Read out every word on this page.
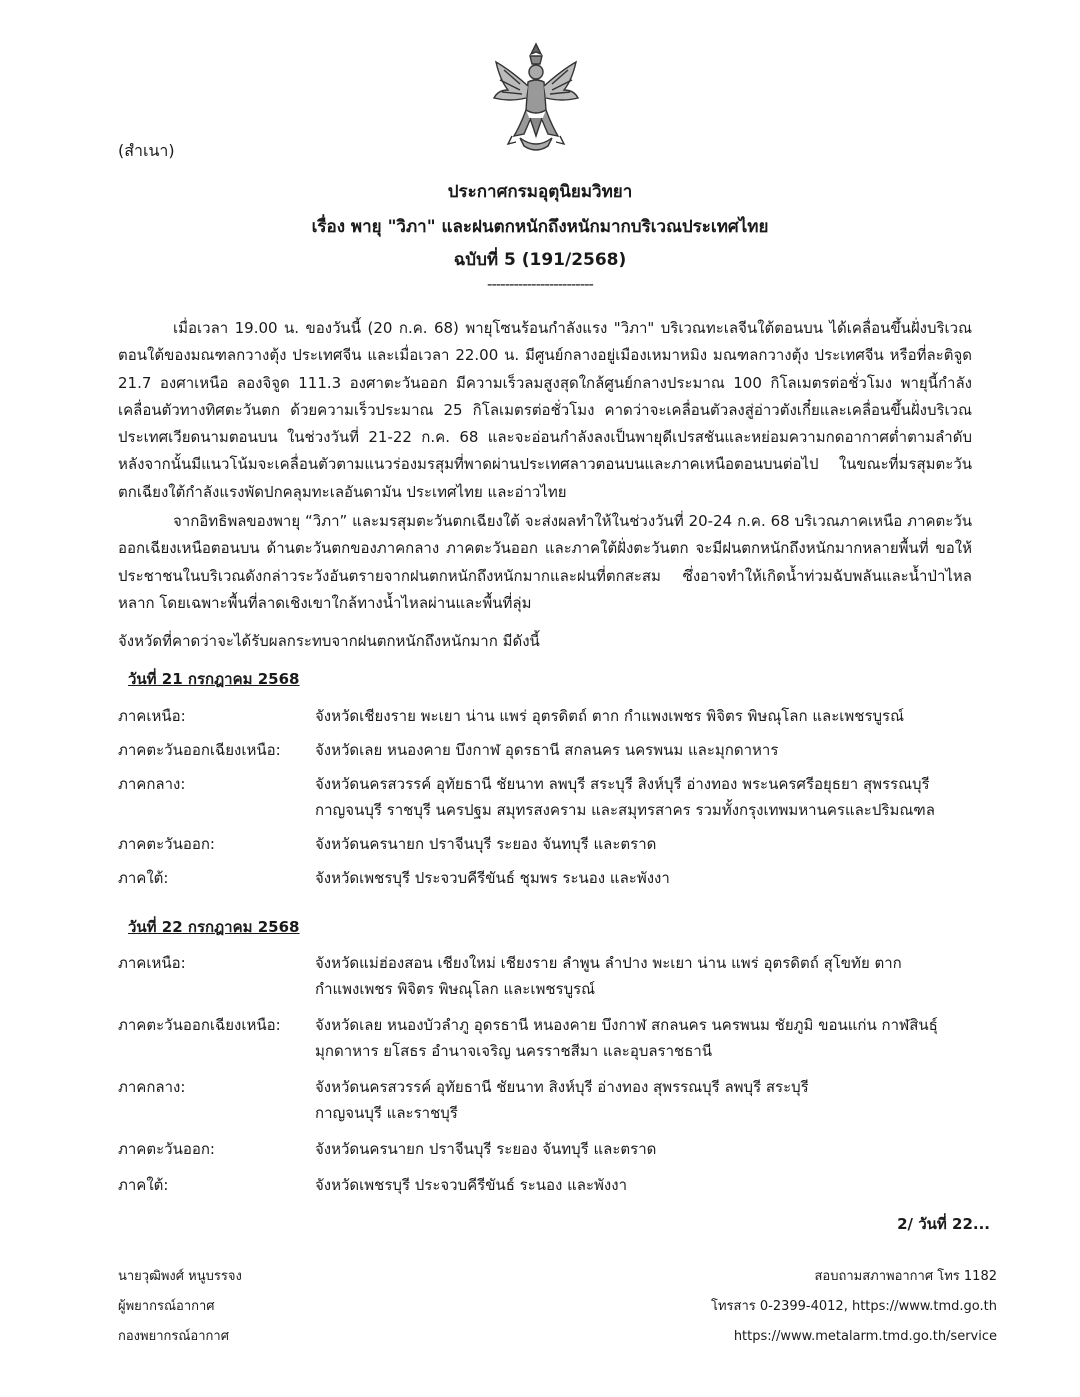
(สำเนา)
ประกาศกรมอุตุนิยมวิทยา
เรื่อง พายุ "วิภา" และฝนตกหนักถึงหนักมากบริเวณประเทศไทย
ฉบับที่ 5 (191/2568)
------------------------

เมื่อเวลา 19.00 น. ของวันนี้ (20 ก.ค. 68) พายุโซนร้อนกำลังแรง "วิภา" บริเวณทะเลจีนใต้ตอนบน ได้เคลื่อนขึ้นฝั่งบริเวณตอนใต้ของมณฑลกวางตุ้ง ประเทศจีน และเมื่อเวลา 22.00 น. มีศูนย์กลางอยู่เมืองเหมาหมิง มณฑลกวางตุ้ง ประเทศจีน หรือที่ละติจูด 21.7 องศาเหนือ ลองจิจูด 111.3 องศาตะวันออก มีความเร็วลมสูงสุดใกล้ศูนย์กลางประมาณ 100 กิโลเมตรต่อชั่วโมง พายุนี้กำลังเคลื่อนตัวทางทิศตะวันตก ด้วยความเร็วประมาณ 25 กิโลเมตรต่อชั่วโมง คาดว่าจะเคลื่อนตัวลงสู่อ่าวตังเกี๋ยและเคลื่อนขึ้นฝั่งบริเวณประเทศเวียดนามตอนบน ในช่วงวันที่ 21-22 ก.ค. 68 และจะอ่อนกำลังลงเป็นพายุดีเปรสชันและหย่อมความกดอากาศต่ำตามลำดับ หลังจากนั้นมีแนวโน้มจะเคลื่อนตัวตามแนวร่องมรสุมที่พาดผ่านประเทศลาวตอนบนและภาคเหนือตอนบนต่อไป ในขณะที่มรสุมตะวันตกเฉียงใต้กำลังแรงพัดปกคลุมทะเลอันดามัน ประเทศไทย และอ่าวไทย

จากอิทธิพลของพายุ “วิภา” และมรสุมตะวันตกเฉียงใต้ จะส่งผลทำให้ในช่วงวันที่ 20-24 ก.ค. 68 บริเวณภาคเหนือ ภาคตะวันออกเฉียงเหนือตอนบน ด้านตะวันตกของภาคกลาง ภาคตะวันออก และภาคใต้ฝั่งตะวันตก จะมีฝนตกหนักถึงหนักมากหลายพื้นที่ ขอให้ประชาชนในบริเวณดังกล่าวระวังอันตรายจากฝนตกหนักถึงหนักมากและฝนที่ตกสะสม ซึ่งอาจทำให้เกิดน้ำท่วมฉับพลันและน้ำป่าไหลหลาก โดยเฉพาะพื้นที่ลาดเชิงเขาใกล้ทางน้ำไหลผ่านและพื้นที่ลุ่ม

จังหวัดที่คาดว่าจะได้รับผลกระทบจากฝนตกหนักถึงหนักมาก มีดังนี้

วันที่ 21 กรกฎาคม 2568
ภาคเหนือ:	จังหวัดเชียงราย พะเยา น่าน แพร่ อุตรดิตถ์ ตาก กำแพงเพชร พิจิตร พิษณุโลก และเพชรบูรณ์
ภาคตะวันออกเฉียงเหนือ:	จังหวัดเลย หนองคาย บึงกาฬ อุดรธานี สกลนคร นครพนม และมุกดาหาร
ภาคกลาง:	จังหวัดนครสวรรค์ อุทัยธานี ชัยนาท ลพบุรี สระบุรี สิงห์บุรี อ่างทอง พระนครศรีอยุธยา สุพรรณบุรี
กาญจนบุรี ราชบุรี นครปฐม สมุทรสงคราม และสมุทรสาคร รวมทั้งกรุงเทพมหานครและปริมณฑล
ภาคตะวันออก:	จังหวัดนครนายก ปราจีนบุรี ระยอง จันทบุรี และตราด
ภาคใต้:	จังหวัดเพชรบุรี ประจวบคีรีขันธ์ ชุมพร ระนอง และพังงา
วันที่ 22 กรกฎาคม 2568
ภาคเหนือ:	จังหวัดแม่ฮ่องสอน เชียงใหม่ เชียงราย ลำพูน ลำปาง พะเยา น่าน แพร่ อุตรดิตถ์ สุโขทัย ตาก
กำแพงเพชร พิจิตร พิษณุโลก และเพชรบูรณ์
ภาคตะวันออกเฉียงเหนือ:	จังหวัดเลย หนองบัวลำภู อุดรธานี หนองคาย บึงกาฬ สกลนคร นครพนม ชัยภูมิ ขอนแก่น กาฬสินธุ์
มุกดาหาร ยโสธร อำนาจเจริญ นครราชสีมา และอุบลราชธานี
ภาคกลาง:	จังหวัดนครสวรรค์ อุทัยธานี ชัยนาท สิงห์บุรี อ่างทอง สุพรรณบุรี ลพบุรี สระบุรี
กาญจนบุรี และราชบุรี
ภาคตะวันออก:	จังหวัดนครนายก ปราจีนบุรี ระยอง จันทบุรี และตราด
ภาคใต้:	จังหวัดเพชรบุรี ประจวบคีรีขันธ์ ระนอง และพังงา
2/ วันที่ 22...
นายวุฒิพงศ์ หนูบรรจง
ผู้พยากรณ์อากาศ
กองพยากรณ์อากาศ
สอบถามสภาพอากาศ โทร 1182
โทรสาร 0-2399-4012, https://www.tmd.go.th
https://www.metalarm.tmd.go.th/service
